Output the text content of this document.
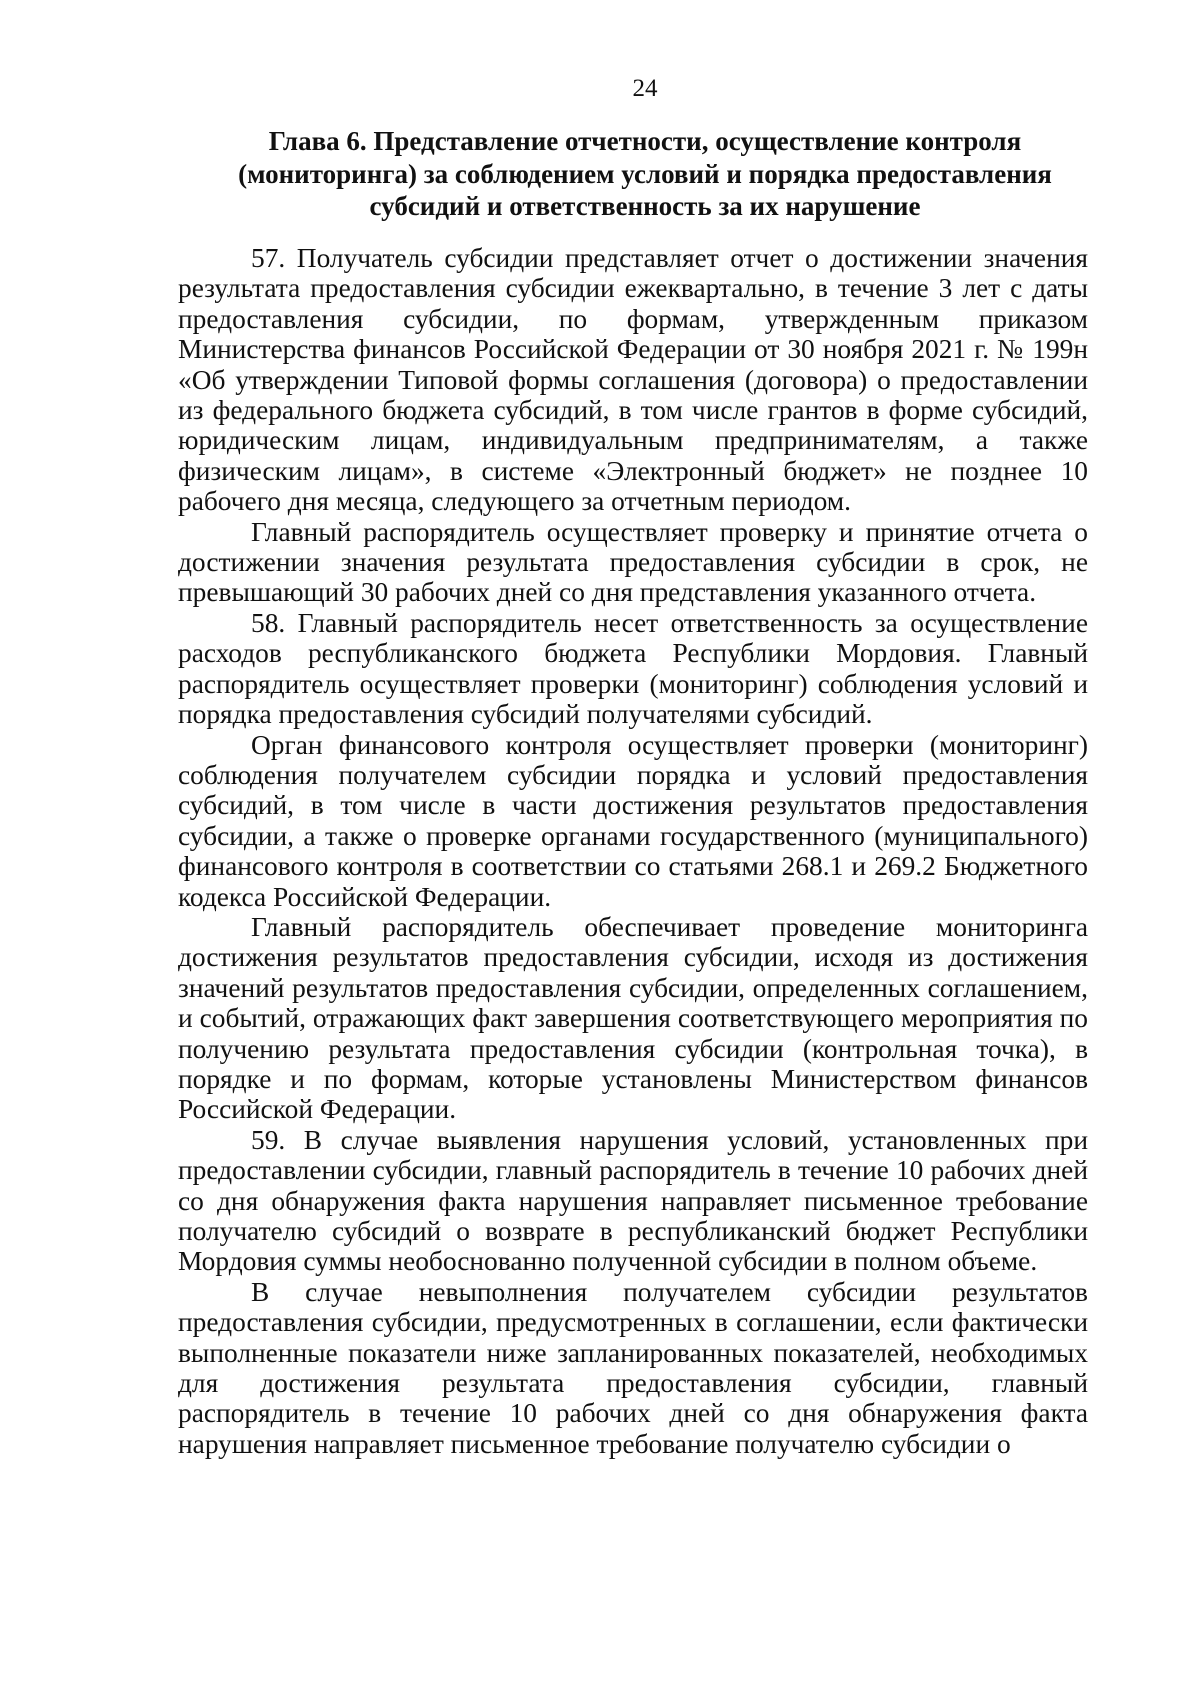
24
Глава 6. Представление отчетности, осуществление контроля (мониторинга) за соблюдением условий и порядка предоставления субсидий и ответственность за их нарушение

57. Получатель субсидии представляет отчет о достижении значения результата предоставления субсидии ежеквартально, в течение 3 лет с даты предоставления субсидии, по формам, утвержденным приказом Министерства финансов Российской Федерации от 30 ноября 2021 г. № 199н «Об утверждении Типовой формы соглашения (договора) о предоставлении из федерального бюджета субсидий, в том числе грантов в форме субсидий, юридическим лицам, индивидуальным предпринимателям, а также физическим лицам», в системе «Электронный бюджет» не позднее 10 рабочего дня месяца, следующего за отчетным периодом.

Главный распорядитель осуществляет проверку и принятие отчета о достижении значения результата предоставления субсидии в срок, не превышающий 30 рабочих дней со дня представления указанного отчета.

58. Главный распорядитель несет ответственность за осуществление расходов республиканского бюджета Республики Мордовия. Главный распорядитель осуществляет проверки (мониторинг) соблюдения условий и порядка предоставления субсидий получателями субсидий.

Орган финансового контроля осуществляет проверки (мониторинг) соблюдения получателем субсидии порядка и условий предоставления субсидий, в том числе в части достижения результатов предоставления субсидии, а также о проверке органами государственного (муниципального) финансового контроля в соответствии со статьями 268.1 и 269.2 Бюджетного кодекса Российской Федерации.

Главный распорядитель обеспечивает проведение мониторинга достижения результатов предоставления субсидии, исходя из достижения значений результатов предоставления субсидии, определенных соглашением, и событий, отражающих факт завершения соответствующего мероприятия по получению результата предоставления субсидии (контрольная точка), в порядке и по формам, которые установлены Министерством финансов Российской Федерации.

59. В случае выявления нарушения условий, установленных при предоставлении субсидии, главный распорядитель в течение 10 рабочих дней со дня обнаружения факта нарушения направляет письменное требование получателю субсидий о возврате в республиканский бюджет Республики Мордовия суммы необоснованно полученной субсидии в полном объеме.

В случае невыполнения получателем субсидии результатов предоставления субсидии, предусмотренных в соглашении, если фактически выполненные показатели ниже запланированных показателей, необходимых для достижения результата предоставления субсидии, главный распорядитель в течение 10 рабочих дней со дня обнаружения факта нарушения направляет письменное требование получателю субсидии о
